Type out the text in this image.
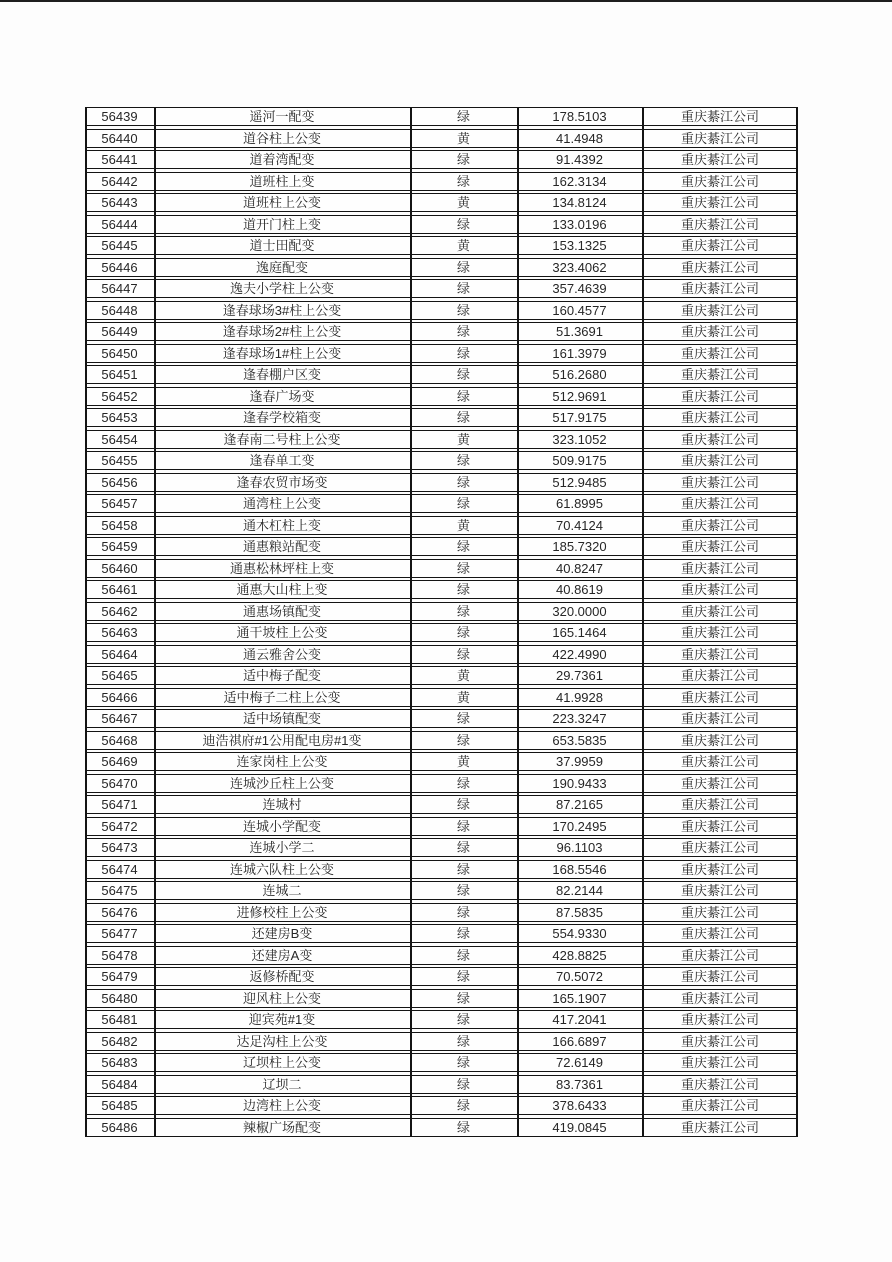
56439	遥河一配变	绿	178.5103	重庆綦江公司
56440	道谷柱上公变	黄	41.4948	重庆綦江公司
56441	道着湾配变	绿	91.4392	重庆綦江公司
56442	道班柱上变	绿	162.3134	重庆綦江公司
56443	道班柱上公变	黄	134.8124	重庆綦江公司
56444	道开门柱上变	绿	133.0196	重庆綦江公司
56445	道士田配变	黄	153.1325	重庆綦江公司
56446	逸庭配变	绿	323.4062	重庆綦江公司
56447	逸夫小学柱上公变	绿	357.4639	重庆綦江公司
56448	逢春球场3#柱上公变	绿	160.4577	重庆綦江公司
56449	逢春球场2#柱上公变	绿	51.3691	重庆綦江公司
56450	逢春球场1#柱上公变	绿	161.3979	重庆綦江公司
56451	逢春棚户区变	绿	516.2680	重庆綦江公司
56452	逢春广场变	绿	512.9691	重庆綦江公司
56453	逢春学校箱变	绿	517.9175	重庆綦江公司
56454	逢春南二号柱上公变	黄	323.1052	重庆綦江公司
56455	逢春单工变	绿	509.9175	重庆綦江公司
56456	逢春农贸市场变	绿	512.9485	重庆綦江公司
56457	通湾柱上公变	绿	61.8995	重庆綦江公司
56458	通木杠柱上变	黄	70.4124	重庆綦江公司
56459	通惠粮站配变	绿	185.7320	重庆綦江公司
56460	通惠松林坪柱上变	绿	40.8247	重庆綦江公司
56461	通惠大山柱上变	绿	40.8619	重庆綦江公司
56462	通惠场镇配变	绿	320.0000	重庆綦江公司
56463	通干坡柱上公变	绿	165.1464	重庆綦江公司
56464	通云雅舍公变	绿	422.4990	重庆綦江公司
56465	适中梅子配变	黄	29.7361	重庆綦江公司
56466	适中梅子二柱上公变	黄	41.9928	重庆綦江公司
56467	适中场镇配变	绿	223.3247	重庆綦江公司
56468	迪浩祺府#1公用配电房#1变	绿	653.5835	重庆綦江公司
56469	连家岗柱上公变	黄	37.9959	重庆綦江公司
56470	连城沙丘柱上公变	绿	190.9433	重庆綦江公司
56471	连城村	绿	87.2165	重庆綦江公司
56472	连城小学配变	绿	170.2495	重庆綦江公司
56473	连城小学二	绿	96.1103	重庆綦江公司
56474	连城六队柱上公变	绿	168.5546	重庆綦江公司
56475	连城二	绿	82.2144	重庆綦江公司
56476	进修校柱上公变	绿	87.5835	重庆綦江公司
56477	还建房B变	绿	554.9330	重庆綦江公司
56478	还建房A变	绿	428.8825	重庆綦江公司
56479	返修桥配变	绿	70.5072	重庆綦江公司
56480	迎风柱上公变	绿	165.1907	重庆綦江公司
56481	迎宾苑#1变	绿	417.2041	重庆綦江公司
56482	达足沟柱上公变	绿	166.6897	重庆綦江公司
56483	辽坝柱上公变	绿	72.6149	重庆綦江公司
56484	辽坝二	绿	83.7361	重庆綦江公司
56485	边湾柱上公变	绿	378.6433	重庆綦江公司
56486	辣椒广场配变	绿	419.0845	重庆綦江公司
